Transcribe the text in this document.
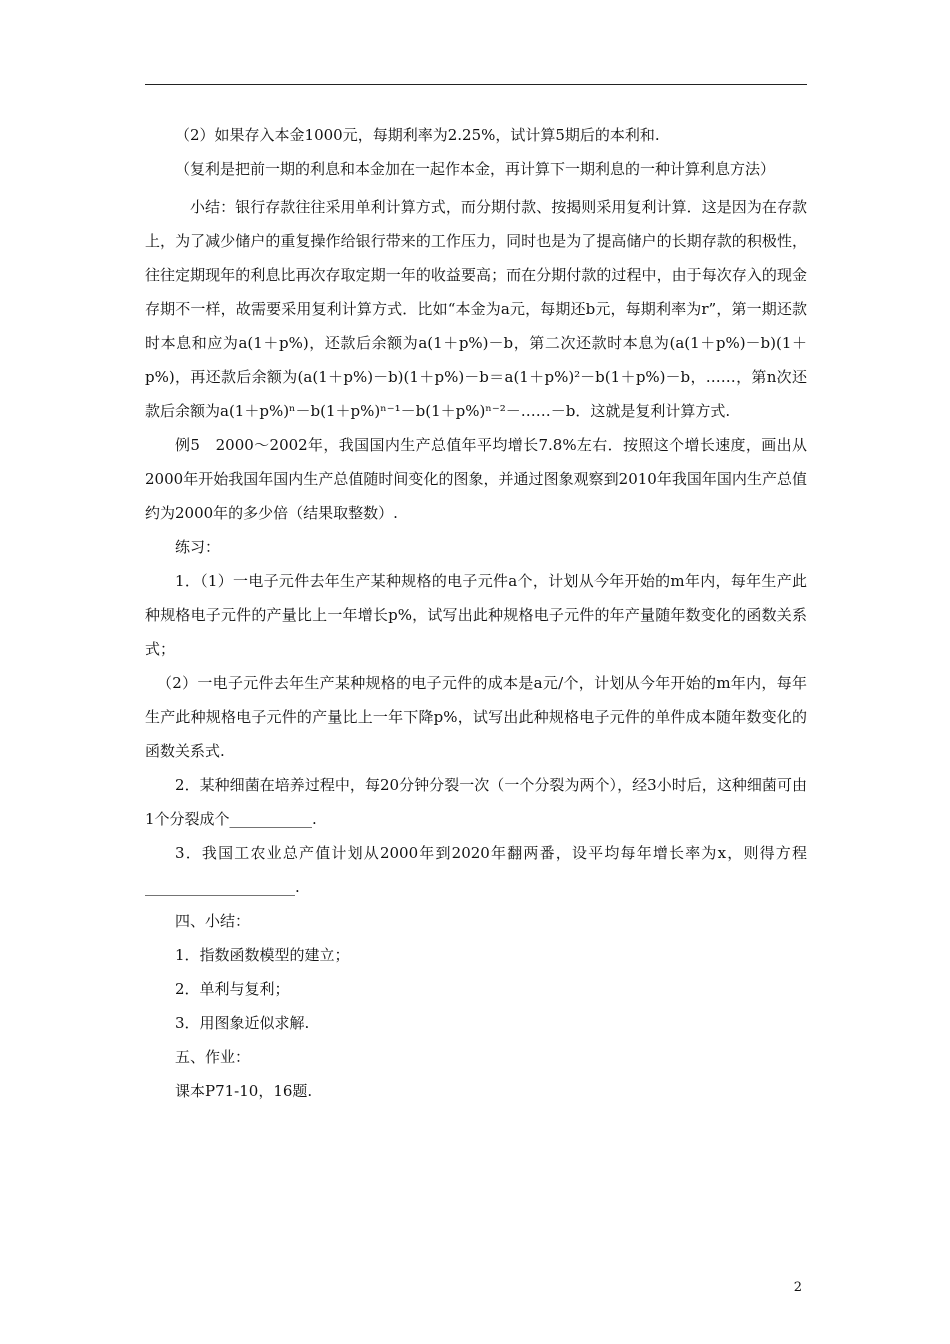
（2）如果存入本金1000元，每期利率为2.25%，试计算5期后的本利和.

（复利是把前一期的利息和本金加在一起作本金，再计算下一期利息的一种计算利息方法）

小结：银行存款往往采用单利计算方式，而分期付款、按揭则采用复利计算．这是因为在存款上，为了减少储户的重复操作给银行带来的工作压力，同时也是为了提高储户的长期存款的积极性，往往定期现年的利息比再次存取定期一年的收益要高；而在分期付款的过程中，由于每次存入的现金存期不一样，故需要采用复利计算方式．比如“本金为a元，每期还b元，每期利率为r”，第一期还款时本息和应为a(1＋p%)，还款后余额为a(1＋p%)－b，第二次还款时本息为(a(1＋p%)－b)(1＋p%)，再还款后余额为(a(1＋p%)－b)(1＋p%)－b＝a(1＋p%)²－b(1＋p%)－b，……，第n次还款后余额为a(1＋p%)ⁿ－b(1＋p%)ⁿ⁻¹－b(1＋p%)ⁿ⁻²－……－b．这就是复利计算方式.

例5　2000～2002年，我国国内生产总值年平均增长7.8%左右．按照这个增长速度，画出从2000年开始我国年国内生产总值随时间变化的图象，并通过图象观察到2010年我国年国内生产总值约为2000年的多少倍（结果取整数）.

练习：

1．（1）一电子元件去年生产某种规格的电子元件a个，计划从今年开始的m年内，每年生产此种规格电子元件的产量比上一年增长p%，试写出此种规格电子元件的年产量随年数变化的函数关系式；

（2）一电子元件去年生产某种规格的电子元件的成本是a元/个，计划从今年开始的m年内，每年生产此种规格电子元件的产量比上一年下降p%，试写出此种规格电子元件的单件成本随年数变化的函数关系式.

2．某种细菌在培养过程中，每20分钟分裂一次（一个分裂为两个），经3小时后，这种细菌可由1个分裂成个___________.

3．我国工农业总产值计划从2000年到2020年翻两番，设平均每年增长率为x，则得方程____________________.

四、小结：

1．指数函数模型的建立；

2．单利与复利；

3．用图象近似求解.

五、作业：

课本P71-10，16题.

2
